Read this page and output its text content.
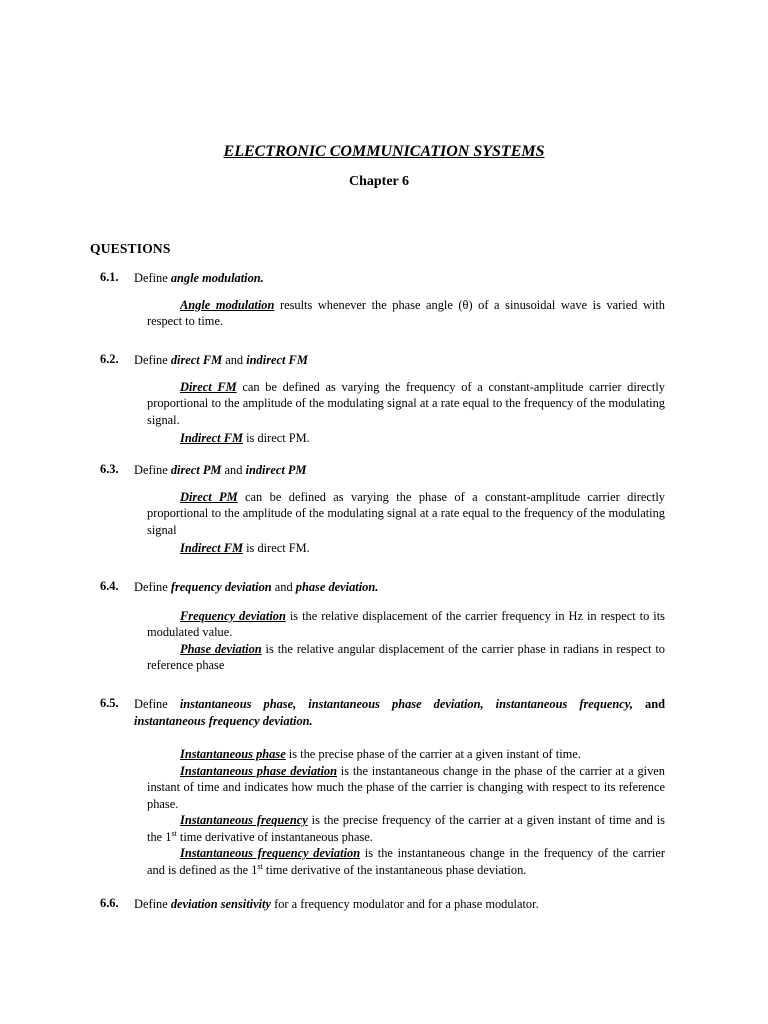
ELECTRONIC COMMUNICATION SYSTEMS
Chapter 6
QUESTIONS
6.1.	Define angle modulation.

Angle modulation results whenever the phase angle (θ) of a sinusoidal wave is varied with respect to time.

6.2.	Define direct FM and indirect FM

Direct FM can be defined as varying the frequency of a constant-amplitude carrier directly proportional to the amplitude of the modulating signal at a rate equal to the frequency of the modulating signal.

Indirect FM is direct PM.

6.3.	Define direct PM and indirect PM

Direct PM can be defined as varying the phase of a constant-amplitude carrier directly proportional to the amplitude of the modulating signal at a rate equal to the frequency of the modulating signal

Indirect FM is direct FM.

6.4.	Define frequency deviation and phase deviation.

Frequency deviation is the relative displacement of the carrier frequency in Hz in respect to its modulated value.

Phase deviation is the relative angular displacement of the carrier phase in radians in respect to reference phase

6.5.	Define instantaneous phase, instantaneous phase deviation, instantaneous frequency, and instantaneous frequency deviation.

Instantaneous phase is the precise phase of the carrier at a given instant of time.

Instantaneous phase deviation is the instantaneous change in the phase of the carrier at a given instant of time and indicates how much the phase of the carrier is changing with respect to its reference phase.

Instantaneous frequency is the precise frequency of the carrier at a given instant of time and is the 1st time derivative of instantaneous phase.

Instantaneous frequency deviation is the instantaneous change in the frequency of the carrier and is defined as the 1st time derivative of the instantaneous phase deviation.

6.6.	Define deviation sensitivity for a frequency modulator and for a phase modulator.
